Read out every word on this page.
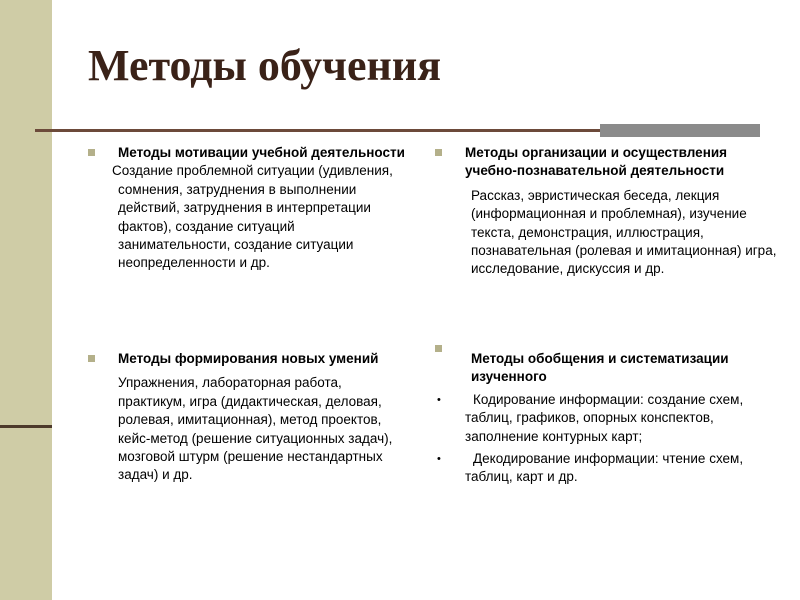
Методы обучения
Методы мотивации учебной деятельности
Создание проблемной ситуации (удивления, сомнения, затруднения в выполнении действий, затруднения в интерпретации фактов), создание ситуаций занимательности, создание ситуации неопределенности и др.
Методы формирования новых умений
Упражнения, лабораторная работа, практикум, игра (дидактическая, деловая, ролевая, имитационная), метод проектов, кейс-метод (решение ситуационных задач), мозговой штурм (решение нестандартных задач) и др.
Методы организации и осуществления учебно-познавательной деятельности
Рассказ, эвристическая беседа, лекция (информационная и проблемная), изучение текста, демонстрация, иллюстрация, познавательная (ролевая и имитационная) игра, исследование, дискуссия и др.
Методы обобщения и систематизации изученного
•	Кодирование информации: создание схем, таблиц, графиков, опорных конспектов, заполнение контурных карт;
•	Декодирование информации: чтение схем, таблиц, карт и др.
